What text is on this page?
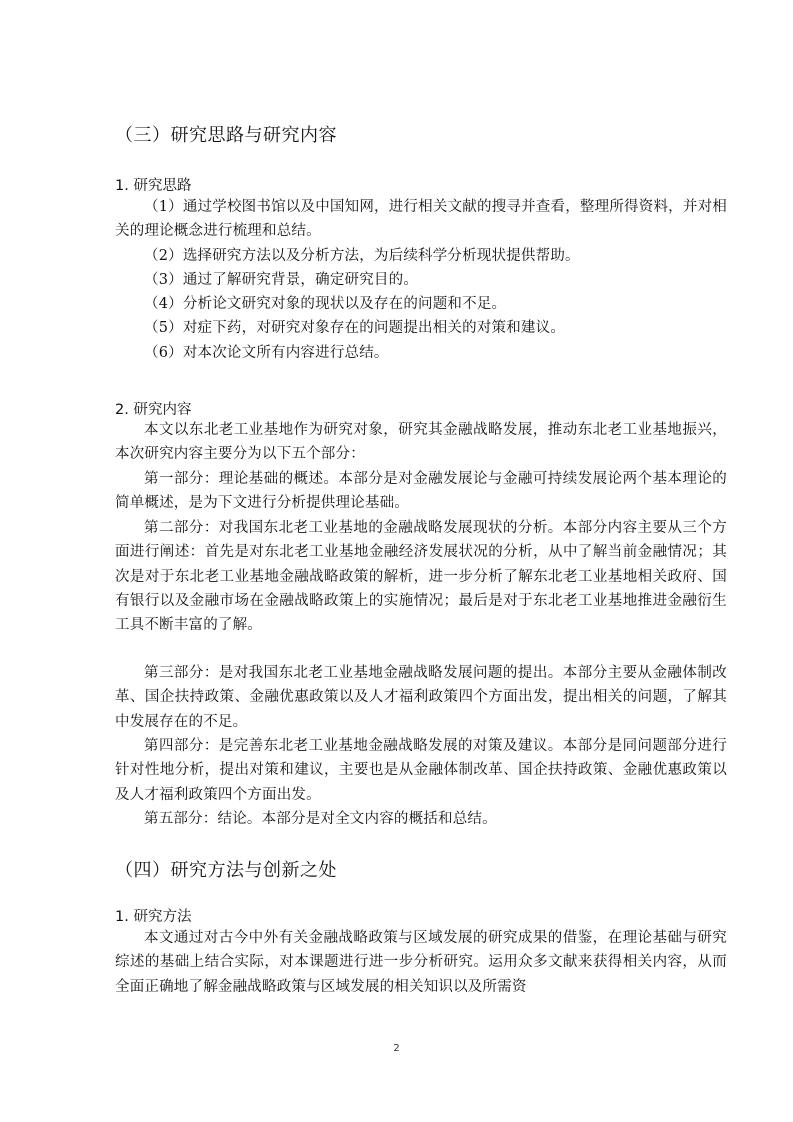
（三）研究思路与研究内容
1. 研究思路
（1）通过学校图书馆以及中国知网，进行相关文献的搜寻并查看，整理所得资料，并对相关的理论概念进行梳理和总结。
（2）选择研究方法以及分析方法，为后续科学分析现状提供帮助。
（3）通过了解研究背景，确定研究目的。
（4）分析论文研究对象的现状以及存在的问题和不足。
（5）对症下药，对研究对象存在的问题提出相关的对策和建议。
（6）对本次论文所有内容进行总结。
2. 研究内容

本文以东北老工业基地作为研究对象，研究其金融战略发展，推动东北老工业基地振兴，本次研究内容主要分为以下五个部分：

第一部分：理论基础的概述。本部分是对金融发展论与金融可持续发展论两个基本理论的简单概述，是为下文进行分析提供理论基础。

第二部分：对我国东北老工业基地的金融战略发展现状的分析。本部分内容主要从三个方面进行阐述：首先是对东北老工业基地金融经济发展状况的分析，从中了解当前金融情况；其次是对于东北老工业基地金融战略政策的解析，进一步分析了解东北老工业基地相关政府、国有银行以及金融市场在金融战略政策上的实施情况；最后是对于东北老工业基地推进金融衍生工具不断丰富的了解。

第三部分：是对我国东北老工业基地金融战略发展问题的提出。本部分主要从金融体制改革、国企扶持政策、金融优惠政策以及人才福利政策四个方面出发，提出相关的问题，了解其中发展存在的不足。

第四部分：是完善东北老工业基地金融战略发展的对策及建议。本部分是同问题部分进行针对性地分析，提出对策和建议，主要也是从金融体制改革、国企扶持政策、金融优惠政策以及人才福利政策四个方面出发。

第五部分：结论。本部分是对全文内容的概括和总结。

（四）研究方法与创新之处
1. 研究方法

本文通过对古今中外有关金融战略政策与区域发展的研究成果的借鉴，在理论基础与研究综述的基础上结合实际，对本课题进行进一步分析研究。运用众多文献来获得相关内容，从而全面正确地了解金融战略政策与区域发展的相关知识以及所需资

2
